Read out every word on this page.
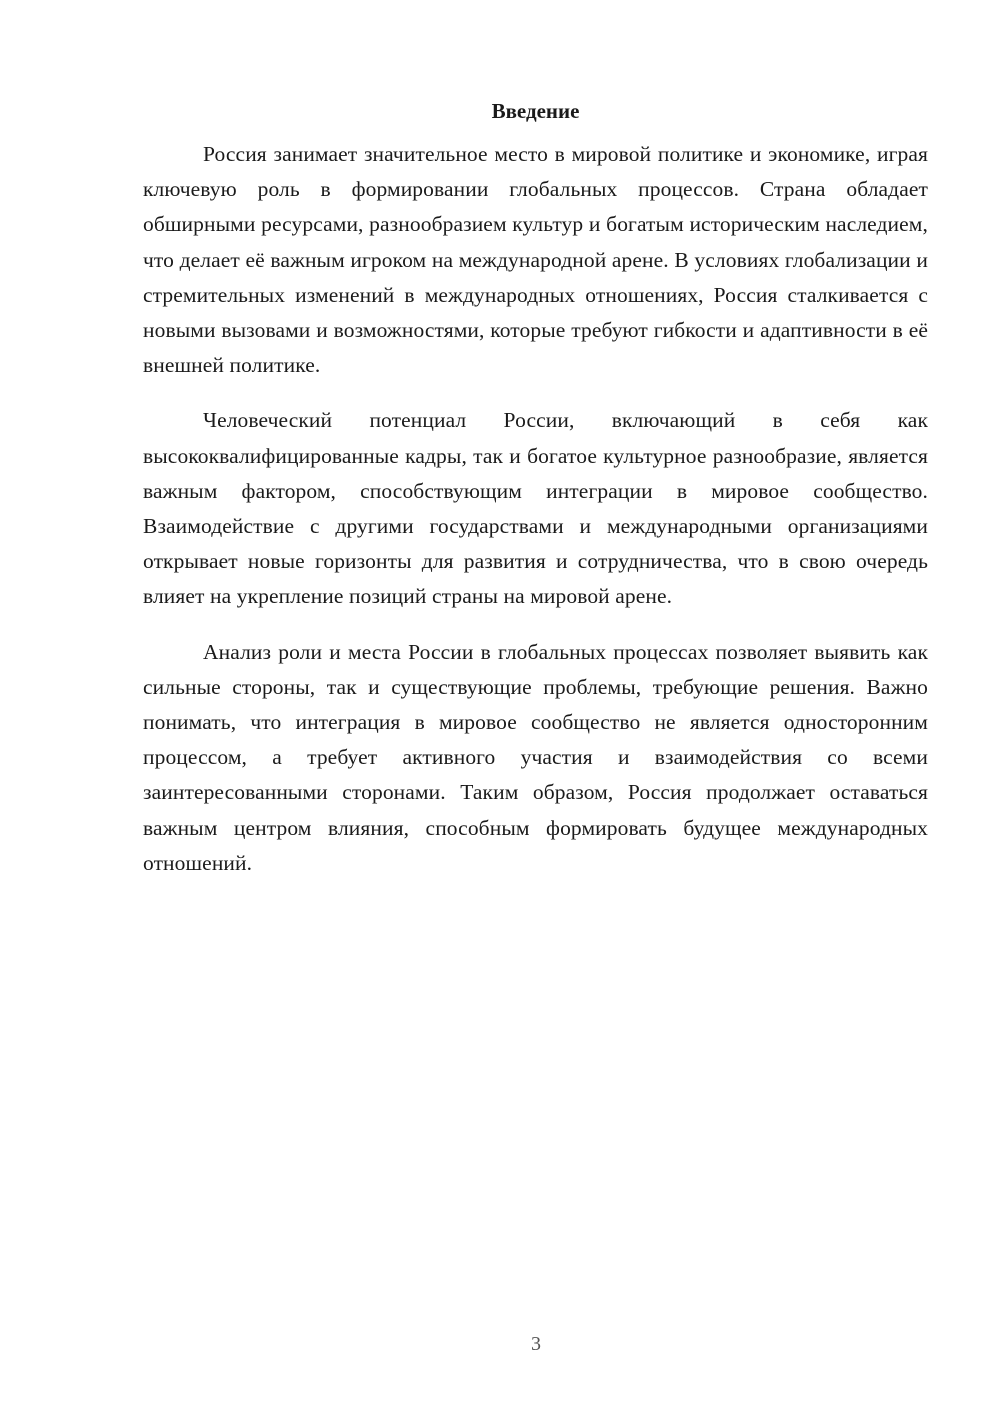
Введение

Россия занимает значительное место в мировой политике и экономике, играя ключевую роль в формировании глобальных процессов. Страна обладает обширными ресурсами, разнообразием культур и богатым историческим наследием, что делает её важным игроком на международной арене. В условиях глобализации и стремительных изменений в международных отношениях, Россия сталкивается с новыми вызовами и возможностями, которые требуют гибкости и адаптивности в её внешней политике.

Человеческий потенциал России, включающий в себя как высококвалифицированные кадры, так и богатое культурное разнообразие, является важным фактором, способствующим интеграции в мировое сообщество. Взаимодействие с другими государствами и международными организациями открывает новые горизонты для развития и сотрудничества, что в свою очередь влияет на укрепление позиций страны на мировой арене.

Анализ роли и места России в глобальных процессах позволяет выявить как сильные стороны, так и существующие проблемы, требующие решения. Важно понимать, что интеграция в мировое сообщество не является односторонним процессом, а требует активного участия и взаимодействия со всеми заинтересованными сторонами. Таким образом, Россия продолжает оставаться важным центром влияния, способным формировать будущее международных отношений.

3
